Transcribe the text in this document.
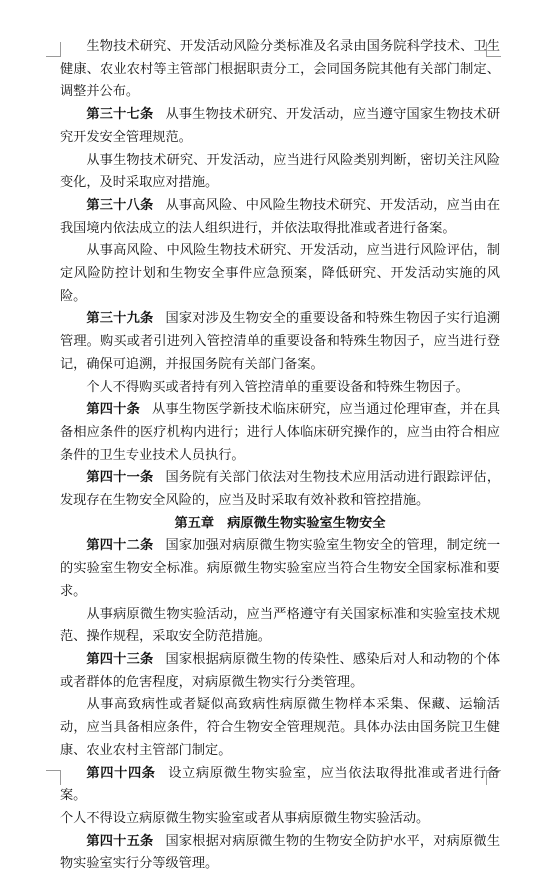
生物技术研究、开发活动风险分类标准及名录由国务院科学技术、卫生健康、农业农村等主管部门根据职责分工，会同国务院其他有关部门制定、调整并公布。

第三十七条 从事生物技术研究、开发活动，应当遵守国家生物技术研究开发安全管理规范。

从事生物技术研究、开发活动，应当进行风险类别判断，密切关注风险变化，及时采取应对措施。

第三十八条 从事高风险、中风险生物技术研究、开发活动，应当由在我国境内依法成立的法人组织进行，并依法取得批准或者进行备案。

从事高风险、中风险生物技术研究、开发活动，应当进行风险评估，制定风险防控计划和生物安全事件应急预案，降低研究、开发活动实施的风险。

第三十九条 国家对涉及生物安全的重要设备和特殊生物因子实行追溯管理。购买或者引进列入管控清单的重要设备和特殊生物因子，应当进行登记，确保可追溯，并报国务院有关部门备案。

个人不得购买或者持有列入管控清单的重要设备和特殊生物因子。

第四十条 从事生物医学新技术临床研究，应当通过伦理审查，并在具备相应条件的医疗机构内进行；进行人体临床研究操作的，应当由符合相应条件的卫生专业技术人员执行。

第四十一条 国务院有关部门依法对生物技术应用活动进行跟踪评估，发现存在生物安全风险的，应当及时采取有效补救和管控措施。

第五章　病原微生物实验室生物安全

第四十二条 国家加强对病原微生物实验室生物安全的管理，制定统一的实验室生物安全标准。病原微生物实验室应当符合生物安全国家标准和要求。

从事病原微生物实验活动，应当严格遵守有关国家标准和实验室技术规范、操作规程，采取安全防范措施。

第四十三条 国家根据病原微生物的传染性、感染后对人和动物的个体或者群体的危害程度，对病原微生物实行分类管理。

从事高致病性或者疑似高致病性病原微生物样本采集、保藏、运输活动，应当具备相应条件，符合生物安全管理规范。具体办法由国务院卫生健康、农业农村主管部门制定。

第四十四条 设立病原微生物实验室，应当依法取得批准或者进行备案。

个人不得设立病原微生物实验室或者从事病原微生物实验活动。

第四十五条 国家根据对病原微生物的生物安全防护水平，对病原微生物实验室实行分等级管理。
